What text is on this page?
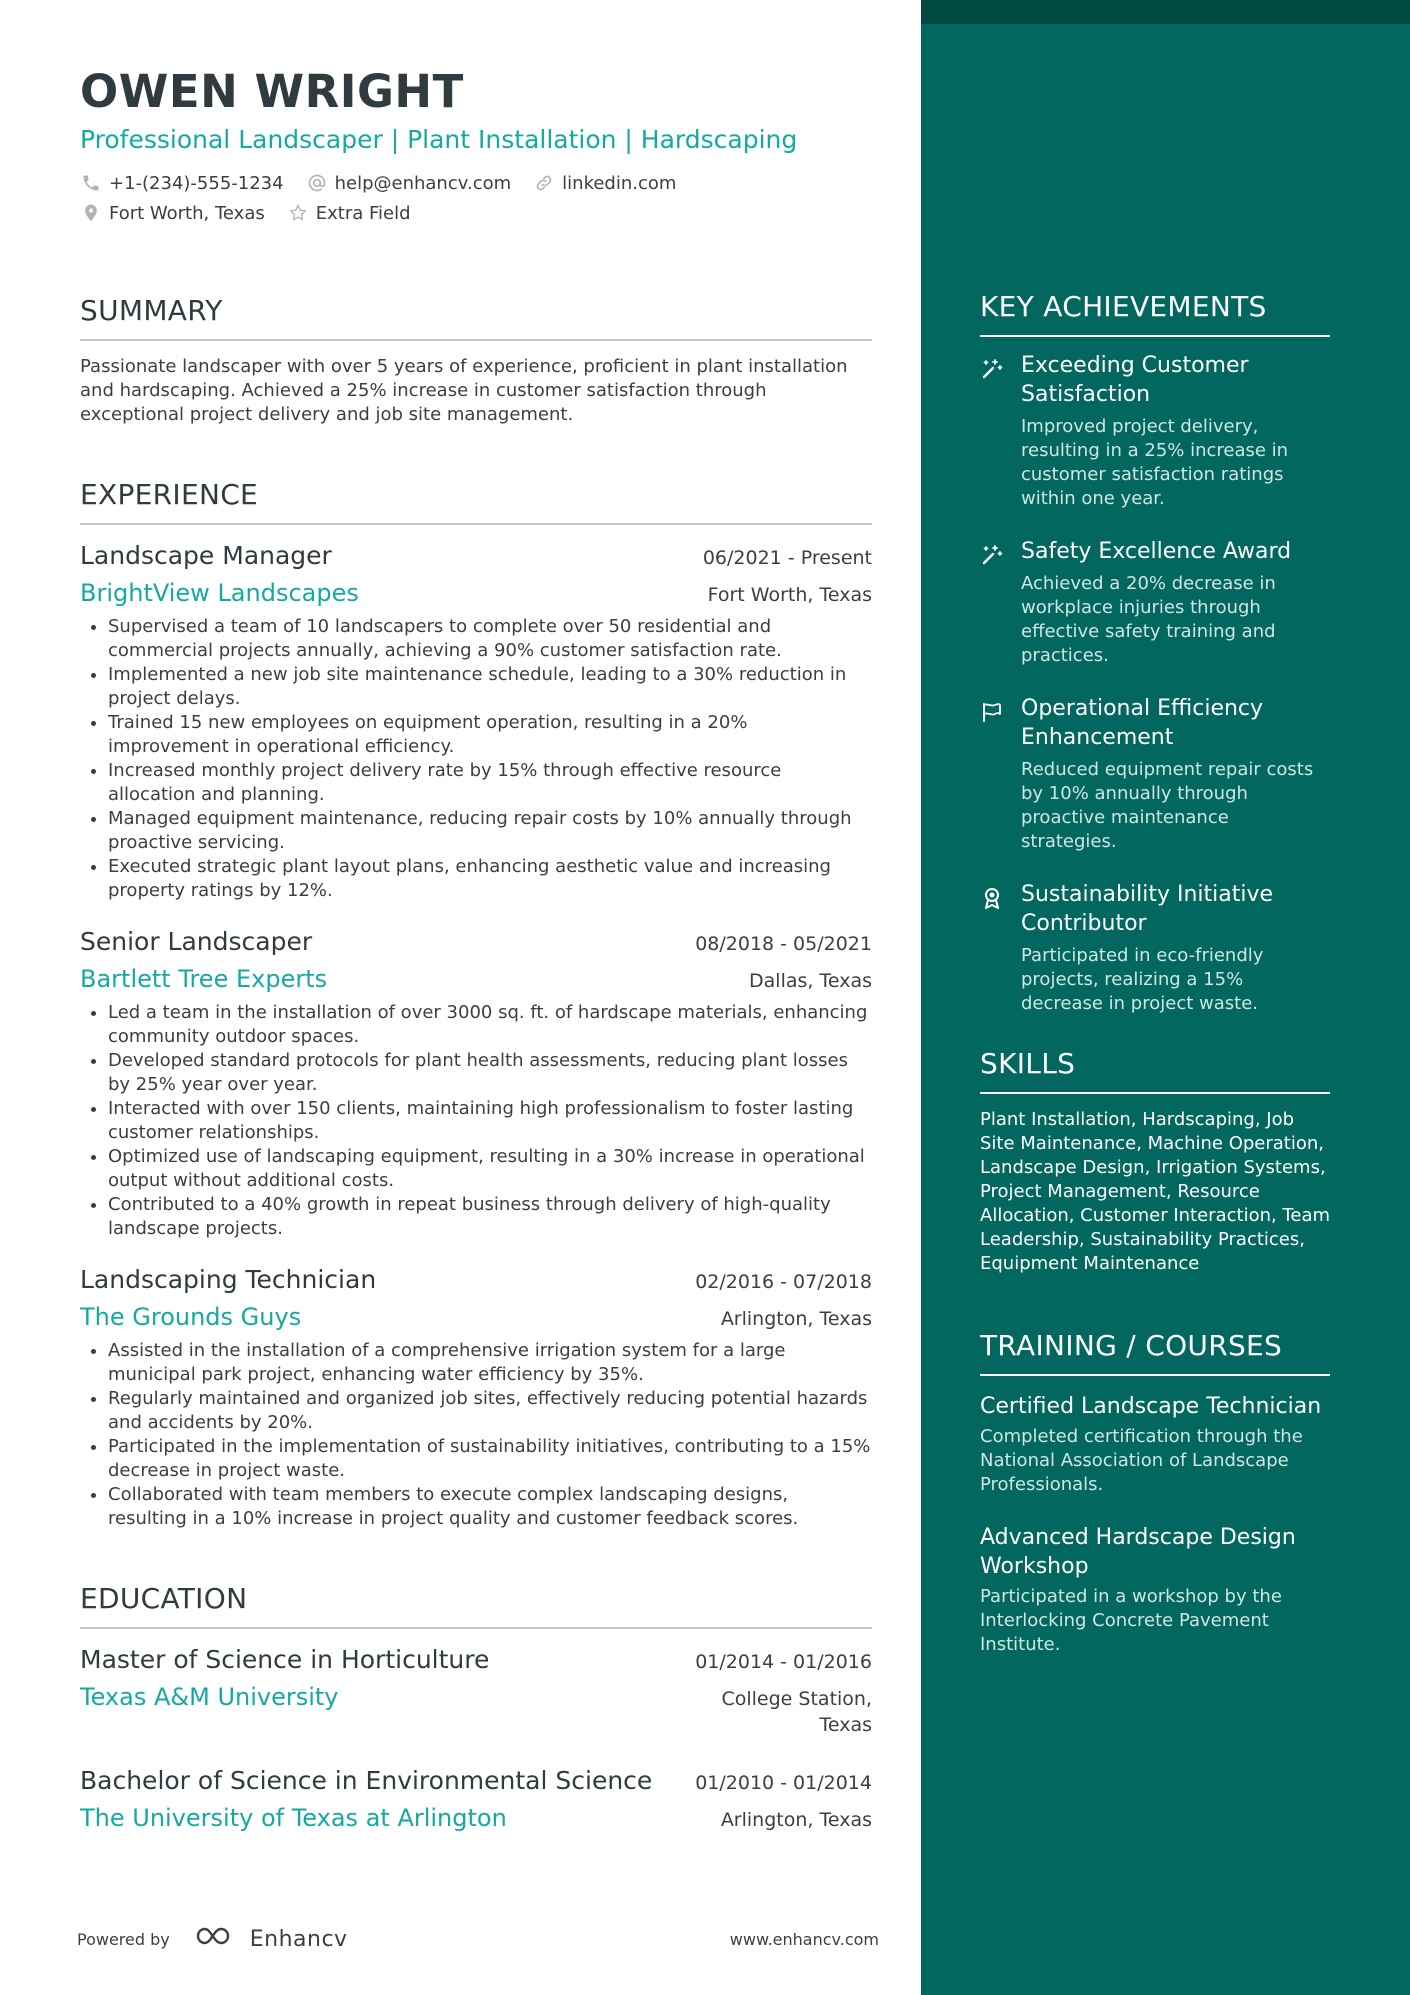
OWEN WRIGHT
Professional Landscaper | Plant Installation | Hardscaping
+1-(234)-555-1234	help@enhancv.com	linkedin.com
Fort Worth, Texas	Extra Field
SUMMARY
Passionate landscaper with over 5 years of experience, proficient in plant installation and hardscaping. Achieved a 25% increase in customer satisfaction through exceptional project delivery and job site management.
EXPERIENCE
Landscape Manager	06/2021 - Present
BrightView Landscapes	Fort Worth, Texas
• Supervised a team of 10 landscapers to complete over 50 residential and commercial projects annually, achieving a 90% customer satisfaction rate.
• Implemented a new job site maintenance schedule, leading to a 30% reduction in project delays.
• Trained 15 new employees on equipment operation, resulting in a 20% improvement in operational efficiency.
• Increased monthly project delivery rate by 15% through effective resource allocation and planning.
• Managed equipment maintenance, reducing repair costs by 10% annually through proactive servicing.
• Executed strategic plant layout plans, enhancing aesthetic value and increasing property ratings by 12%.
Senior Landscaper	08/2018 - 05/2021
Bartlett Tree Experts	Dallas, Texas
• Led a team in the installation of over 3000 sq. ft. of hardscape materials, enhancing community outdoor spaces.
• Developed standard protocols for plant health assessments, reducing plant losses by 25% year over year.
• Interacted with over 150 clients, maintaining high professionalism to foster lasting customer relationships.
• Optimized use of landscaping equipment, resulting in a 30% increase in operational output without additional costs.
• Contributed to a 40% growth in repeat business through delivery of high-quality landscape projects.
Landscaping Technician	02/2016 - 07/2018
The Grounds Guys	Arlington, Texas
• Assisted in the installation of a comprehensive irrigation system for a large municipal park project, enhancing water efficiency by 35%.
• Regularly maintained and organized job sites, effectively reducing potential hazards and accidents by 20%.
• Participated in the implementation of sustainability initiatives, contributing to a 15% decrease in project waste.
• Collaborated with team members to execute complex landscaping designs, resulting in a 10% increase in project quality and customer feedback scores.
EDUCATION
Master of Science in Horticulture	01/2014 - 01/2016
Texas A&M University	College Station, Texas
Bachelor of Science in Environmental Science 01/2010 - 01/2014
The University of Texas at Arlington	Arlington, Texas
Powered by	Enhancv	www.enhancv.com
KEY ACHIEVEMENTS
Exceeding Customer Satisfaction
Improved project delivery, resulting in a 25% increase in customer satisfaction ratings within one year.
Safety Excellence Award
Achieved a 20% decrease in workplace injuries through effective safety training and practices.
Operational Efficiency Enhancement
Reduced equipment repair costs by 10% annually through proactive maintenance strategies.
Sustainability Initiative Contributor
Participated in eco-friendly projects, realizing a 15% decrease in project waste.
SKILLS
Plant Installation, Hardscaping, Job Site Maintenance, Machine Operation, Landscape Design, Irrigation Systems, Project Management, Resource Allocation, Customer Interaction, Team Leadership, Sustainability Practices, Equipment Maintenance
TRAINING / COURSES
Certified Landscape Technician
Completed certification through the National Association of Landscape Professionals.
Advanced Hardscape Design Workshop
Participated in a workshop by the Interlocking Concrete Pavement Institute.
